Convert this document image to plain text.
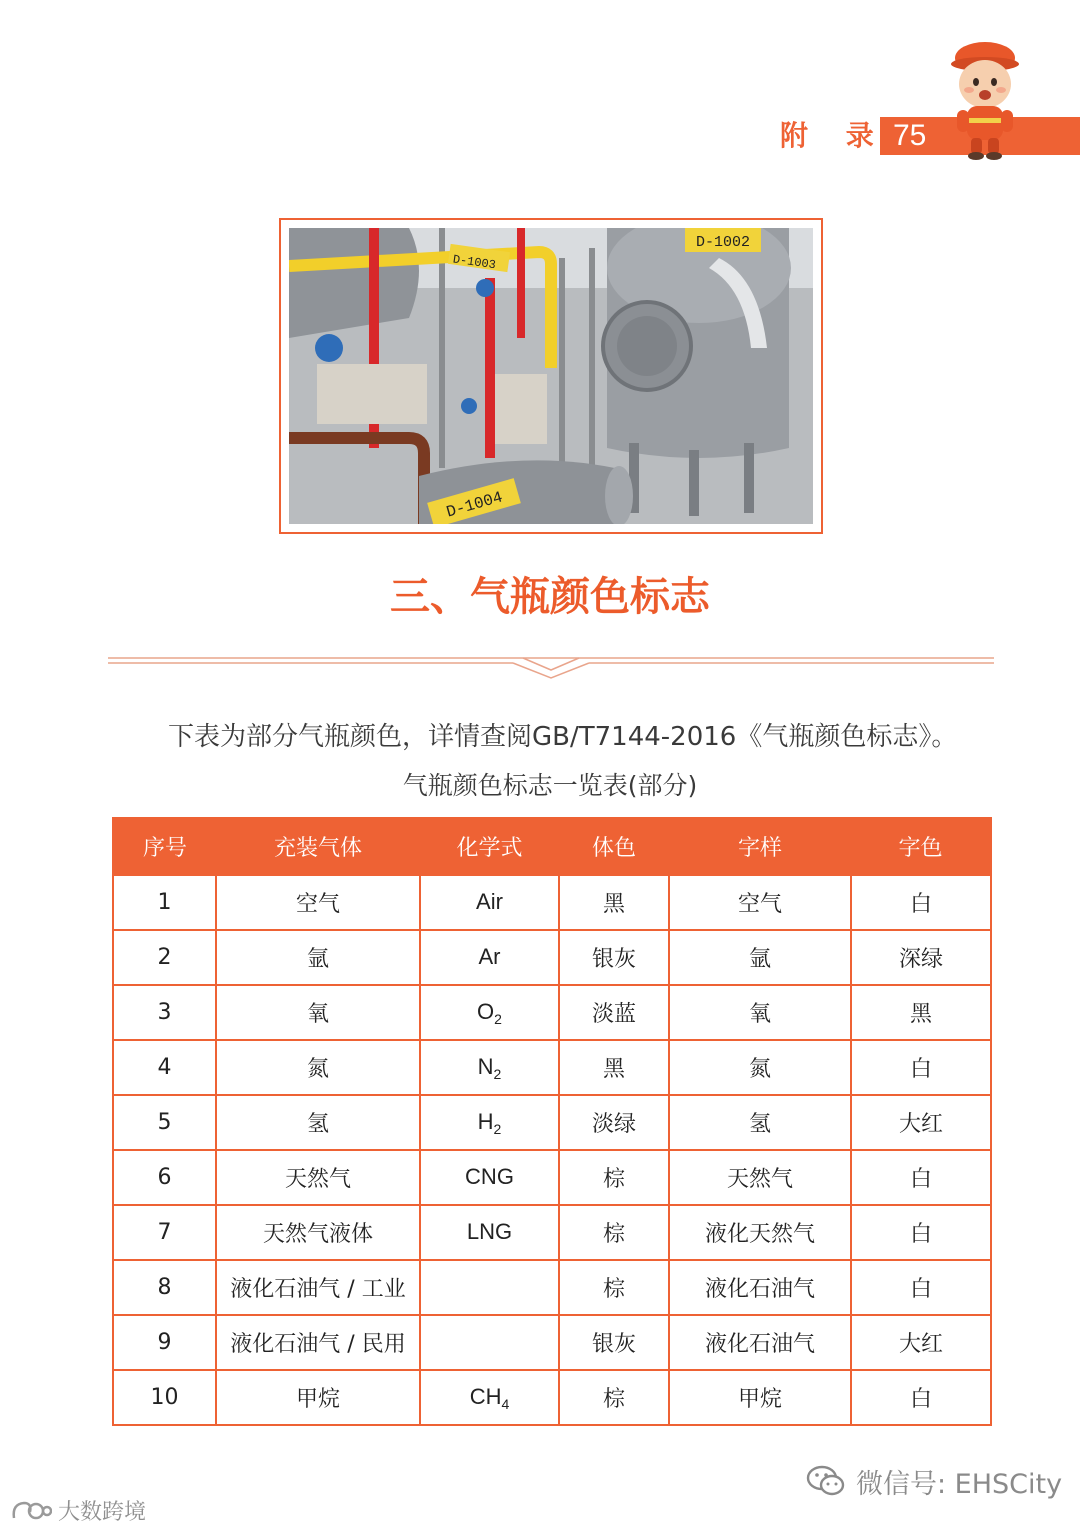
附 录 75
D-1002
D-1003
D-1004
三、气瓶颜色标志
下表为部分气瓶颜色，详情查阅GB/T7144-2016《气瓶颜色标志》。
气瓶颜色标志一览表(部分)
序号	充装气体	化学式	体色	字样	字色
1	空气	Air	黑	空气	白
2	氩	Ar	银灰	氩	深绿
3	氧	$O_2$	淡蓝	氧	黑
4	氮	$N_2$	黑	氮	白
5	氢	$H_2$	淡绿	氢	大红
6	天然气	CNG	棕	天然气	白
7	天然气液体	LNG	棕	液化天然气	白
8	液化石油气 / 工业		棕	液化石油气	白
9	液化石油气 / 民用		银灰	液化石油气	大红
10	甲烷	$CH_4$	棕	甲烷	白
微信号: EHSCity
大数跨境
